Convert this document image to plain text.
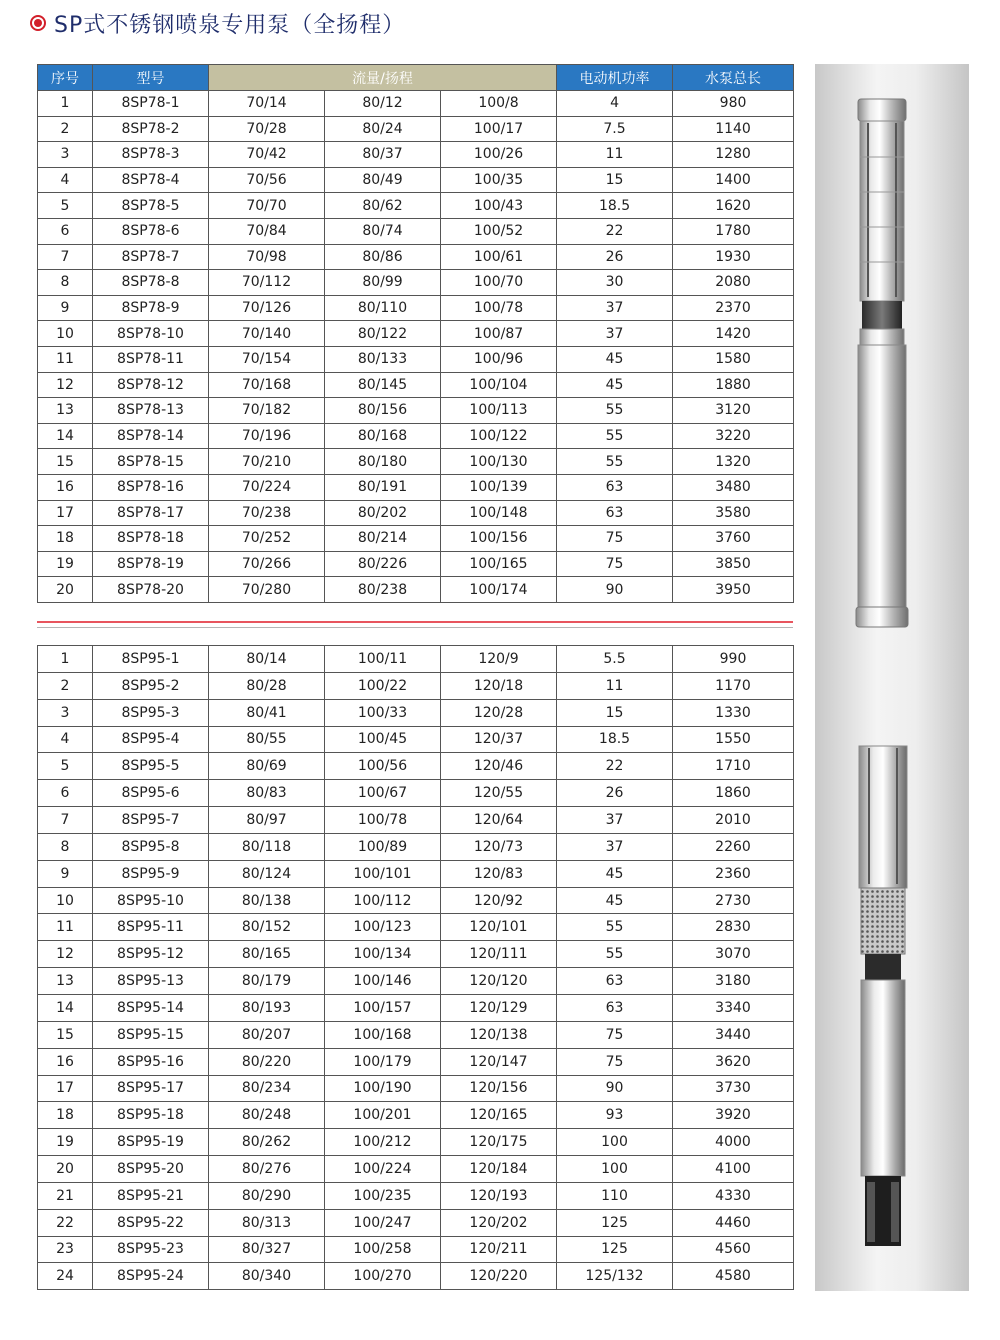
SP式不锈钢喷泉专用泵（全扬程）
序号	型号	流量/扬程			电动机功率	水泵总长
1	8SP78-1	70/14	80/12	100/8	4	980
2	8SP78-2	70/28	80/24	100/17	7.5	1140
3	8SP78-3	70/42	80/37	100/26	11	1280
4	8SP78-4	70/56	80/49	100/35	15	1400
5	8SP78-5	70/70	80/62	100/43	18.5	1620
6	8SP78-6	70/84	80/74	100/52	22	1780
7	8SP78-7	70/98	80/86	100/61	26	1930
8	8SP78-8	70/112	80/99	100/70	30	2080
9	8SP78-9	70/126	80/110	100/78	37	2370
10	8SP78-10	70/140	80/122	100/87	37	1420
11	8SP78-11	70/154	80/133	100/96	45	1580
12	8SP78-12	70/168	80/145	100/104	45	1880
13	8SP78-13	70/182	80/156	100/113	55	3120
14	8SP78-14	70/196	80/168	100/122	55	3220
15	8SP78-15	70/210	80/180	100/130	55	1320
16	8SP78-16	70/224	80/191	100/139	63	3480
17	8SP78-17	70/238	80/202	100/148	63	3580
18	8SP78-18	70/252	80/214	100/156	75	3760
19	8SP78-19	70/266	80/226	100/165	75	3850
20	8SP78-20	70/280	80/238	100/174	90	3950
1	8SP95-1	80/14	100/11	120/9	5.5	990
2	8SP95-2	80/28	100/22	120/18	11	1170
3	8SP95-3	80/41	100/33	120/28	15	1330
4	8SP95-4	80/55	100/45	120/37	18.5	1550
5	8SP95-5	80/69	100/56	120/46	22	1710
6	8SP95-6	80/83	100/67	120/55	26	1860
7	8SP95-7	80/97	100/78	120/64	37	2010
8	8SP95-8	80/118	100/89	120/73	37	2260
9	8SP95-9	80/124	100/101	120/83	45	2360
10	8SP95-10	80/138	100/112	120/92	45	2730
11	8SP95-11	80/152	100/123	120/101	55	2830
12	8SP95-12	80/165	100/134	120/111	55	3070
13	8SP95-13	80/179	100/146	120/120	63	3180
14	8SP95-14	80/193	100/157	120/129	63	3340
15	8SP95-15	80/207	100/168	120/138	75	3440
16	8SP95-16	80/220	100/179	120/147	75	3620
17	8SP95-17	80/234	100/190	120/156	90	3730
18	8SP95-18	80/248	100/201	120/165	93	3920
19	8SP95-19	80/262	100/212	120/175	100	4000
20	8SP95-20	80/276	100/224	120/184	100	4100
21	8SP95-21	80/290	100/235	120/193	110	4330
22	8SP95-22	80/313	100/247	120/202	125	4460
23	8SP95-23	80/327	100/258	120/211	125	4560
24	8SP95-24	80/340	100/270	120/220	125/132	4580
